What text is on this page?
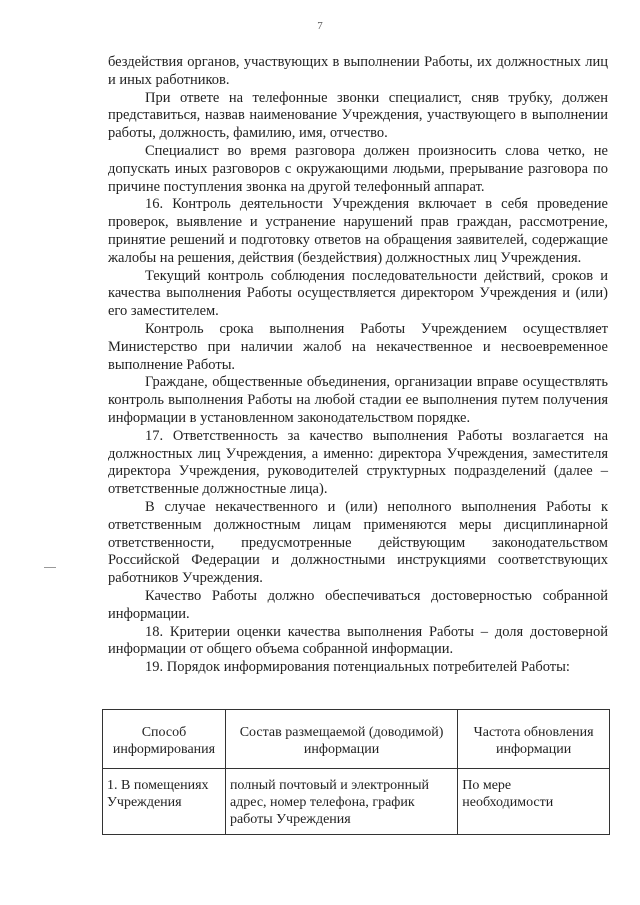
7

бездействия органов, участвующих в выполнении Работы, их должностных лиц и иных работников.

При ответе на телефонные звонки специалист, сняв трубку, должен представиться, назвав наименование Учреждения, участвующего в выполнении работы, должность, фамилию, имя, отчество.

Специалист во время разговора должен произносить слова четко, не допускать иных разговоров с окружающими людьми, прерывание разговора по причине поступления звонка на другой телефонный аппарат.

16. Контроль деятельности Учреждения включает в себя проведение проверок, выявление и устранение нарушений прав граждан, рассмотрение, принятие решений и подготовку ответов на обращения заявителей, содержащие жалобы на решения, действия (бездействия) должностных лиц Учреждения.

Текущий контроль соблюдения последовательности действий, сроков и качества выполнения Работы осуществляется директором Учреждения и (или) его заместителем.

Контроль срока выполнения Работы Учреждением осуществляет Министерство при наличии жалоб на некачественное и несвоевременное выполнение Работы.

Граждане, общественные объединения, организации вправе осуществлять контроль выполнения Работы на любой стадии ее выполнения путем получения информации в установленном законодательством порядке.

17. Ответственность за качество выполнения Работы возлагается на должностных лиц Учреждения, а именно: директора Учреждения, заместителя директора Учреждения, руководителей структурных подразделений (далее – ответственные должностные лица).

В случае некачественного и (или) неполного выполнения Работы к ответственным должностным лицам применяются меры дисциплинарной ответственности, предусмотренные действующим законодательством Российской Федерации и должностными инструкциями соответствующих работников Учреждения.

Качество Работы должно обеспечиваться достоверностью собранной информации.

18. Критерии оценки качества выполнения Работы – доля достоверной информации от общего объема собранной информации.

19. Порядок информирования потенциальных потребителей Работы:

Способ информирования	Состав размещаемой (доводимой) информации	Частота обновления информации
1. В помещениях Учреждения	полный почтовый и электронный адрес, номер телефона, график работы Учреждения	По мере необходимости
